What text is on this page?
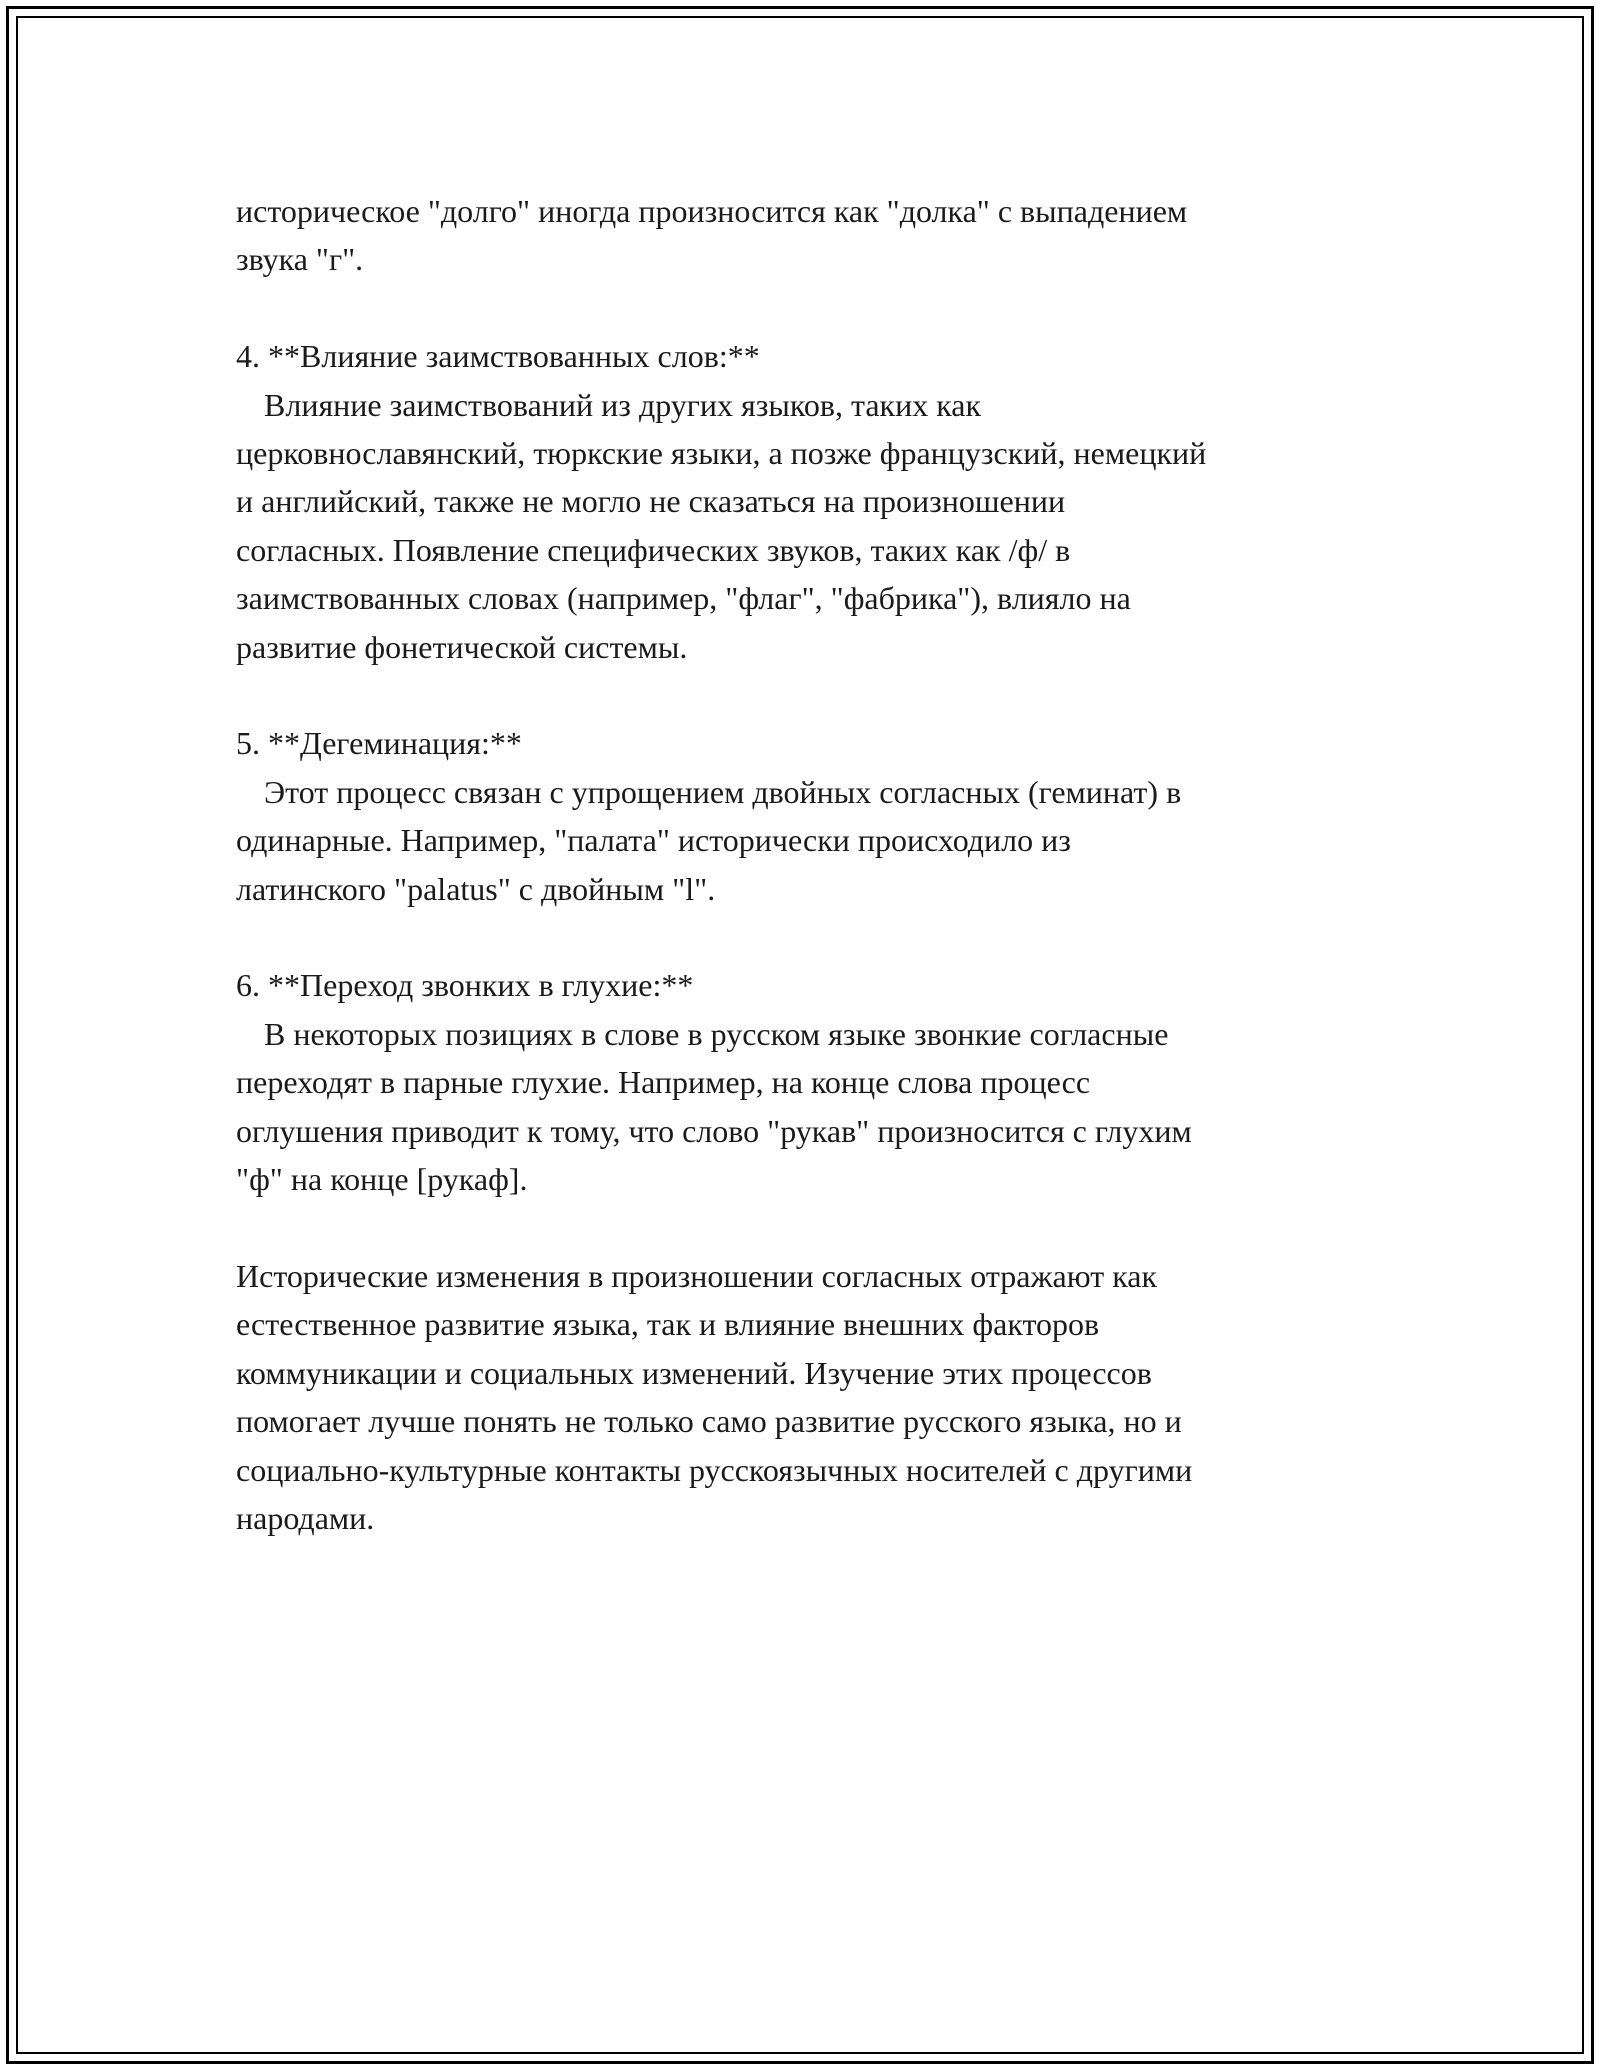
историческое "долго" иногда произносится как "долка" с выпадением
звука "г".

4. **Влияние заимствованных слов:**

Влияние заимствований из других языков, таких как
церковнославянский, тюркские языки, а позже французский, немецкий
и английский, также не могло не сказаться на произношении
согласных. Появление специфических звуков, таких как /ф/ в
заимствованных словах (например, "флаг", "фабрика"), влияло на
развитие фонетической системы.

5. **Дегеминация:**

Этот процесс связан с упрощением двойных согласных (геминат) в
одинарные. Например, "палата" исторически происходило из
латинского "palatus" с двойным "l".

6. **Переход звонких в глухие:**

В некоторых позициях в слове в русском языке звонкие согласные
переходят в парные глухие. Например, на конце слова процесс
оглушения приводит к тому, что слово "рукав" произносится с глухим
"ф" на конце [рукаф].

Исторические изменения в произношении согласных отражают как
естественное развитие языка, так и влияние внешних факторов
коммуникации и социальных изменений. Изучение этих процессов
помогает лучше понять не только само развитие русского языка, но и
социально-культурные контакты русскоязычных носителей с другими
народами.
